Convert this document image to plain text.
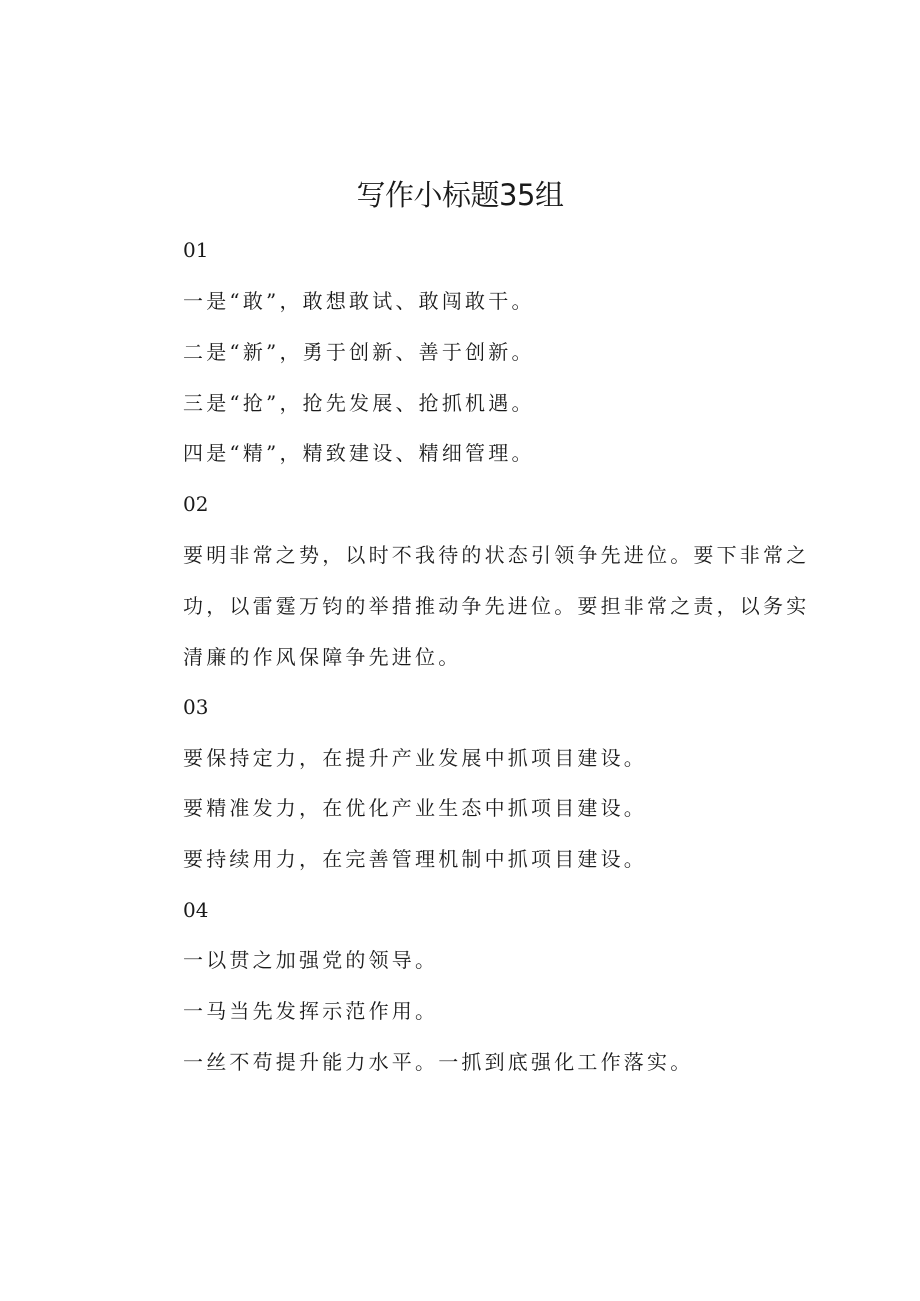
写作小标题35组
01
一是“敢”，敢想敢试、敢闯敢干。
二是“新”，勇于创新、善于创新。
三是“抢”，抢先发展、抢抓机遇。
四是“精”，精致建设、精细管理。
02
要明非常之势，以时不我待的状态引领争先进位。要下非常之
功，以雷霆万钧的举措推动争先进位。要担非常之责，以务实
清廉的作风保障争先进位。
03
要保持定力，在提升产业发展中抓项目建设。
要精准发力，在优化产业生态中抓项目建设。
要持续用力，在完善管理机制中抓项目建设。
04
一以贯之加强党的领导。
一马当先发挥示范作用。
一丝不苟提升能力水平。一抓到底强化工作落实。
